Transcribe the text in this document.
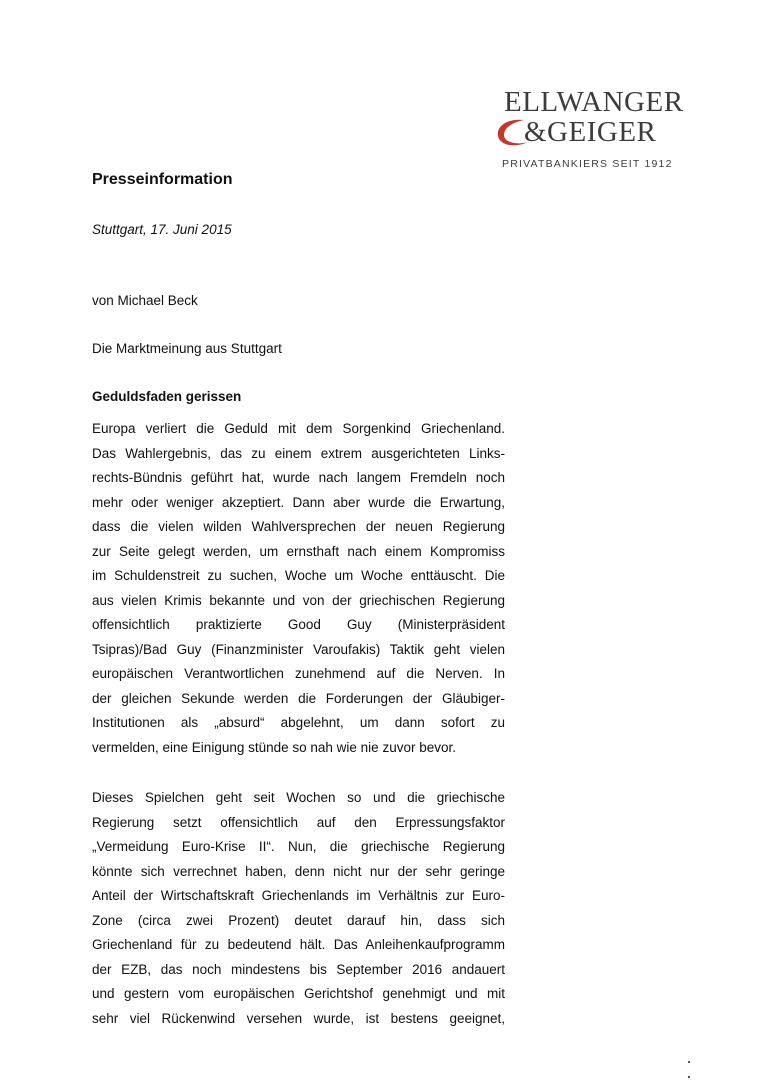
ELLWANGER
&GEIGER
PRIVATBANKIERS SEIT 1912
Presseinformation
Stuttgart, 17. Juni 2015
von Michael Beck
Die Marktmeinung aus Stuttgart
Geduldsfaden gerissen
Europa verliert die Geduld mit dem Sorgenkind Griechenland.
Das Wahlergebnis, das zu einem extrem ausgerichteten Links-
rechts-Bündnis geführt hat, wurde nach langem Fremdeln noch
mehr oder weniger akzeptiert. Dann aber wurde die Erwartung,
dass die vielen wilden Wahlversprechen der neuen Regierung
zur Seite gelegt werden, um ernsthaft nach einem Kompromiss
im Schuldenstreit zu suchen, Woche um Woche enttäuscht. Die
aus vielen Krimis bekannte und von der griechischen Regierung
offensichtlich praktizierte Good Guy (Ministerpräsident
Tsipras)/Bad Guy (Finanzminister Varoufakis) Taktik geht vielen
europäischen Verantwortlichen zunehmend auf die Nerven. In
der gleichen Sekunde werden die Forderungen der Gläubiger-
Institutionen als „absurd“ abgelehnt, um dann sofort zu
vermelden, eine Einigung stünde so nah wie nie zuvor bevor.
Dieses Spielchen geht seit Wochen so und die griechische
Regierung setzt offensichtlich auf den Erpressungsfaktor
„Vermeidung Euro-Krise II“. Nun, die griechische Regierung
könnte sich verrechnet haben, denn nicht nur der sehr geringe
Anteil der Wirtschaftskraft Griechenlands im Verhältnis zur Euro-
Zone (circa zwei Prozent) deutet darauf hin, dass sich
Griechenland für zu bedeutend hält. Das Anleihenkaufprogramm
der EZB, das noch mindestens bis September 2016 andauert
und gestern vom europäischen Gerichtshof genehmigt und mit
sehr viel Rückenwind versehen wurde, ist bestens geeignet,
